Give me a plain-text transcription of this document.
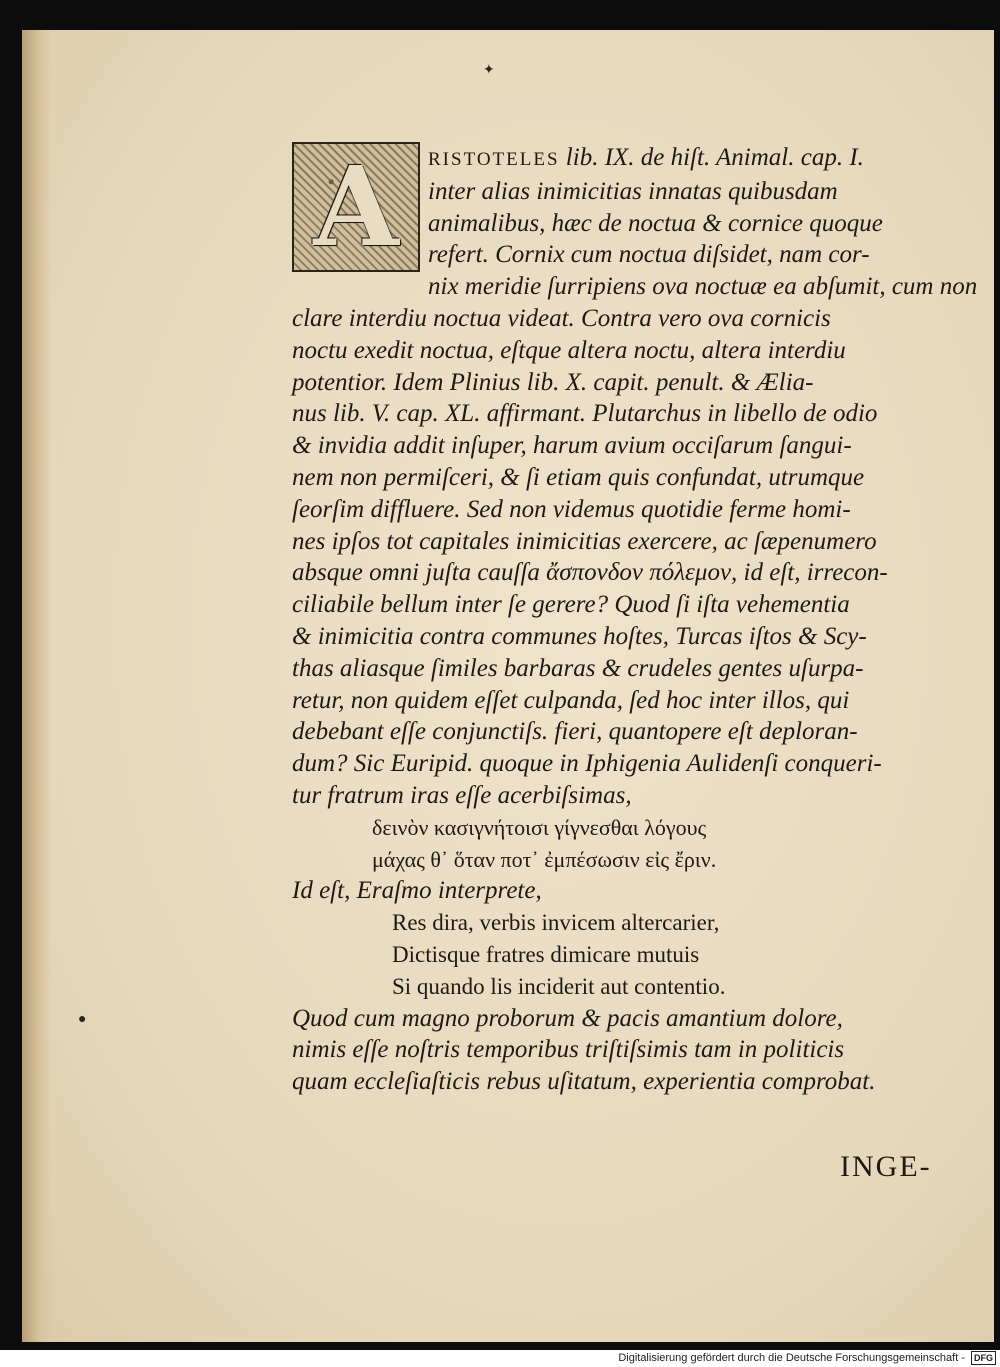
✦
●
A	RISTOTELES lib. IX. de hiſt. Animal. cap. I.
inter alias inimicitias innatas quibusdam
animalibus, hæc de noctua & cornice quoque
refert. Cornix cum noctua diſsidet, nam cor-
nix meridie ſurripiens ova noctuæ ea abſumit, cum non
clare interdiu noctua videat. Contra vero ova cornicis
noctu exedit noctua, eſtque altera noctu, altera interdiu
potentior. Idem Plinius lib. X. capit. penult. & Ælia-
nus lib. V. cap. XL. affirmant. Plutarchus in libello de odio
& invidia addit inſuper, harum avium occiſarum ſangui-
nem non permiſceri, & ſi etiam quis confundat, utrumque
ſeorſim diffluere. Sed non videmus quotidie ferme homi-
nes ipſos tot capitales inimicitias exercere, ac ſæpenumero
absque omni juſta cauſſa ἄσπονδον πόλεμον, id eſt, irrecon-
ciliabile bellum inter ſe gerere? Quod ſi iſta vehementia
& inimicitia contra communes hoſtes, Turcas iſtos & Scy-
thas aliasque ſimiles barbaras & crudeles gentes uſurpa-
retur, non quidem eſſet culpanda, ſed hoc inter illos, qui
debebant eſſe conjunctiſs. fieri, quantopere eſt deploran-
dum? Sic Euripid. quoque in Iphigenia Aulidenſi conqueri-
tur fratrum iras eſſe acerbiſsimas,
δεινὸν κασιγνήτοισι γίγνεσθαι λόγους
μάχας θ᾽ ὅταν ποτ᾽ ἐμπέσωσιν εἰς ἔριν.
Id eſt, Eraſmo interprete,
Res dira, verbis invicem altercarier,
Dictisque fratres dimicare mutuis
Si quando lis inciderit aut contentio.
Quod cum magno proborum & pacis amantium dolore,
nimis eſſe noſtris temporibus triſtiſsimis tam in politicis
quam eccleſiaſticis rebus uſitatum, experientia comprobat.
INGE-
Digitalisierung gefördert durch die Deutsche Forschungsgemeinschaft - DFG
